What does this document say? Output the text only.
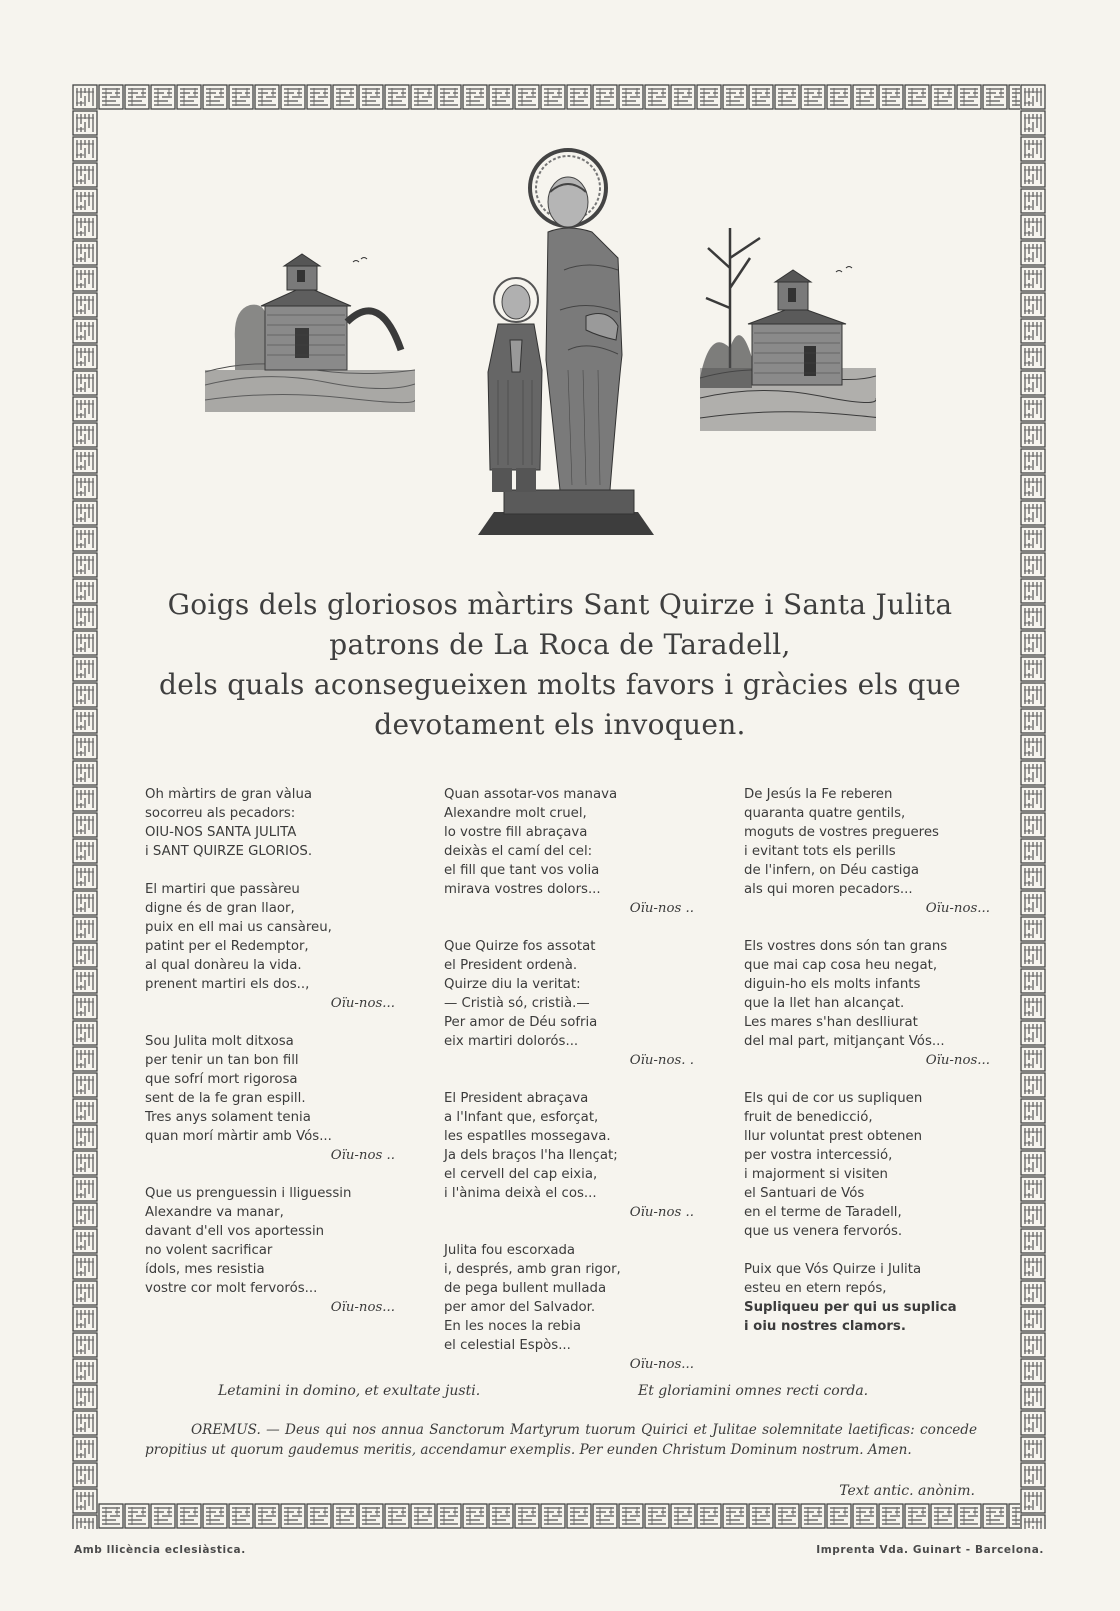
Goigs dels gloriosos màrtirs Sant Quirze i Santa Julita
patrons de La Roca de Taradell,
dels quals aconsegueixen molts favors i gràcies els que
devotament els invoquen.
Oh màrtirs de gran vàlua
socorreu als pecadors:
OIU-NOS SANTA JULITA
i SANT QUIRZE GLORIOS.
El martiri que passàreu
digne és de gran llaor,
puix en ell mai us cansàreu,
patint per el Redemptor,
al qual donàreu la vida.
prenent martiri els dos..,
Oïu-nos...
Sou Julita molt ditxosa
per tenir un tan bon fill
que sofrí mort rigorosa
sent de la fe gran espill.
Tres anys solament tenia
quan morí màrtir amb Vós...
Oïu-nos ..
Que us prenguessin i lliguessin
Alexandre va manar,
davant d'ell vos aportessin
no volent sacrificar
ídols, mes resistia
vostre cor molt fervorós...
Oïu-nos...
Quan assotar-vos manava
Alexandre molt cruel,
lo vostre fill abraçava
deixàs el camí del cel:
el fill que tant vos volia
mirava vostres dolors...
Oïu-nos ..
Que Quirze fos assotat
el President ordenà.
Quirze diu la veritat:
— Cristià só, cristià.—
Per amor de Déu sofria
eix martiri dolorós...
Oïu-nos. .
El President abraçava
a l'Infant que, esforçat,
les espatlles mossegava.
Ja dels braços l'ha llençat;
el cervell del cap eixia,
i l'ànima deixà el cos...
Oïu-nos ..
Julita fou escorxada
i, després, amb gran rigor,
de pega bullent mullada
per amor del Salvador.
En les noces la rebia
el celestial Espòs...
Oïu-nos...
De Jesús la Fe reberen
quaranta quatre gentils,
moguts de vostres pregueres
i evitant tots els perills
de l'infern, on Déu castiga
als qui moren pecadors...
Oïu-nos...
Els vostres dons són tan grans
que mai cap cosa heu negat,
diguin-ho els molts infants
que la llet han alcançat.
Les mares s'han deslliurat
del mal part, mitjançant Vós...
Oïu-nos...
Els qui de cor us supliquen
fruit de benedicció,
llur voluntat prest obtenen
per vostra intercessió,
i majorment si visiten
el Santuari de Vós
en el terme de Taradell,
que us venera fervorós.
Puix que Vós Quirze i Julita
esteu en etern repós,
Supliqueu per qui us suplica
i oiu nostres clamors.
Letamini in domino, et exultate justi.	Et gloriamini omnes recti corda.
OREMUS. — Deus qui nos annua Sanctorum Martyrum tuorum Quirici et Julitae solemnitate laetificas: concede propitius ut quorum gaudemus meritis, accendamur exemplis. Per eunden Christum Dominum nostrum. Amen.
Text antic. anònim.
Amb llicència eclesiàstica.	Imprenta Vda. Guinart - Barcelona.
